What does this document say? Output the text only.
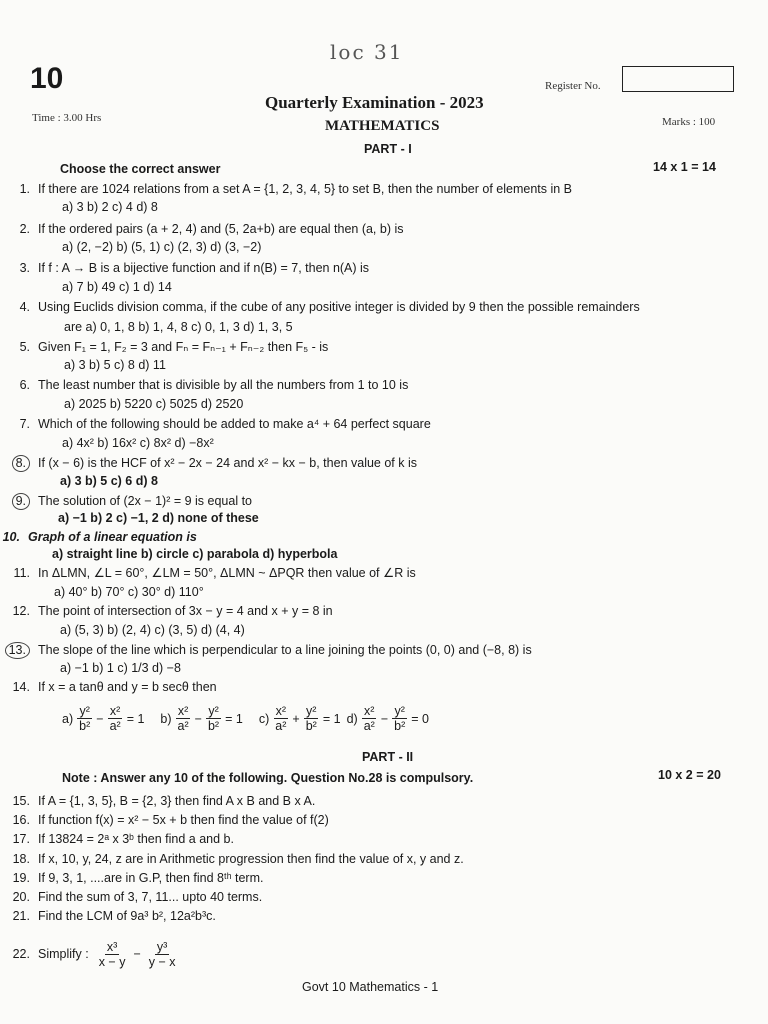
loc 31
10	Register No.
Time : 3.00 Hrs
Quarterly Examination - 2023
MATHEMATICS	Marks : 100
PART - I
Choose the correct answer	14 x 1 = 14
1. If there are 1024 relations from a set A = {1, 2, 3, 4, 5} to set B, then the number of elements in B
a) 3 b) 2 c) 4 d) 8
2. If the ordered pairs (a + 2, 4) and (5, 2a+b) are equal then (a, b) is
a) (2, −2) b) (5, 1) c) (2, 3) d) (3, −2)
3. If f : A → B is a bijective function and if n(B) = 7, then n(A) is
a) 7 b) 49 c) 1 d) 14
4. Using Euclids division comma, if the cube of any positive integer is divided by 9 then the possible remainders
are a) 0, 1, 8 b) 1, 4, 8 c) 0, 1, 3 d) 1, 3, 5
5. Given F₁ = 1, F₂ = 3 and Fₙ = Fₙ₋₁ + Fₙ₋₂ then F₅ - is
a) 3 b) 5 c) 8 d) 11
6. The least number that is divisible by all the numbers from 1 to 10 is
a) 2025 b) 5220 c) 5025 d) 2520
7. Which of the following should be added to make a⁴ + 64 perfect square
a) 4x² b) 16x² c) 8x² d) −8x²
8. If (x − 6) is the HCF of x² − 2x − 24 and x² − kx − b, then value of k is
a) 3 b) 5 c) 6 d) 8
9. The solution of (2x − 1)² = 9 is equal to
a) −1 b) 2 c) −1, 2 d) none of these
10. Graph of a linear equation is
a) straight line b) circle c) parabola d) hyperbola
11. In ΔLMN, ∠L = 60°, ∠LM = 50°, ΔLMN ~ ΔPQR then value of ∠R is
a) 40° b) 70° c) 30° d) 110°
12. The point of intersection of 3x − y = 4 and x + y = 8 in
a) (5, 3) b) (2, 4) c) (3, 5) d) (4, 4)
13. The slope of the line which is perpendicular to a line joining the points (0, 0) and (−8, 8) is
a) −1 b) 1 c) 1/3 d) −8
14. If x = a tanθ and y = b secθ then
$a) \frac{\text{y²}}{\text{b²}} - \frac{\text{x²}}{\text{a²}} = 1$ $b) \frac{\text{x²}}{\text{a²}} - \frac{\text{y²}}{\text{b²}} = 1$ $c) \frac{\text{x²}}{\text{a²}} + \frac{\text{y²}}{\text{b²}} = 1$ $d) \frac{\text{x²}}{\text{a²}} - \frac{\text{y²}}{\text{b²}} = 0$
PART - II
Note : Answer any 10 of the following. Question No.28 is compulsory.	10 x 2 = 20
15. If A = {1, 3, 5}, B = {2, 3} then find A x B and B x A.
16. If function f(x) = x² − 5x + b then find the value of f(2)
17. If 13824 = 2ᵃ x 3ᵇ then find a and b.
18. If x, 10, y, 24, z are in Arithmetic progression then find the value of x, y and z.
19. If 9, 3, 1, ....are in G.P, then find 8ᵗʰ term.
20. Find the sum of 3, 7, 11... upto 40 terms.
21. Find the LCM of 9a³ b², 12a²b³c.
22. Simplify : $\frac{\text{x³}}{x - y} - \frac{\text{y³}}{y - x}$
Govt 10 Mathematics - 1
